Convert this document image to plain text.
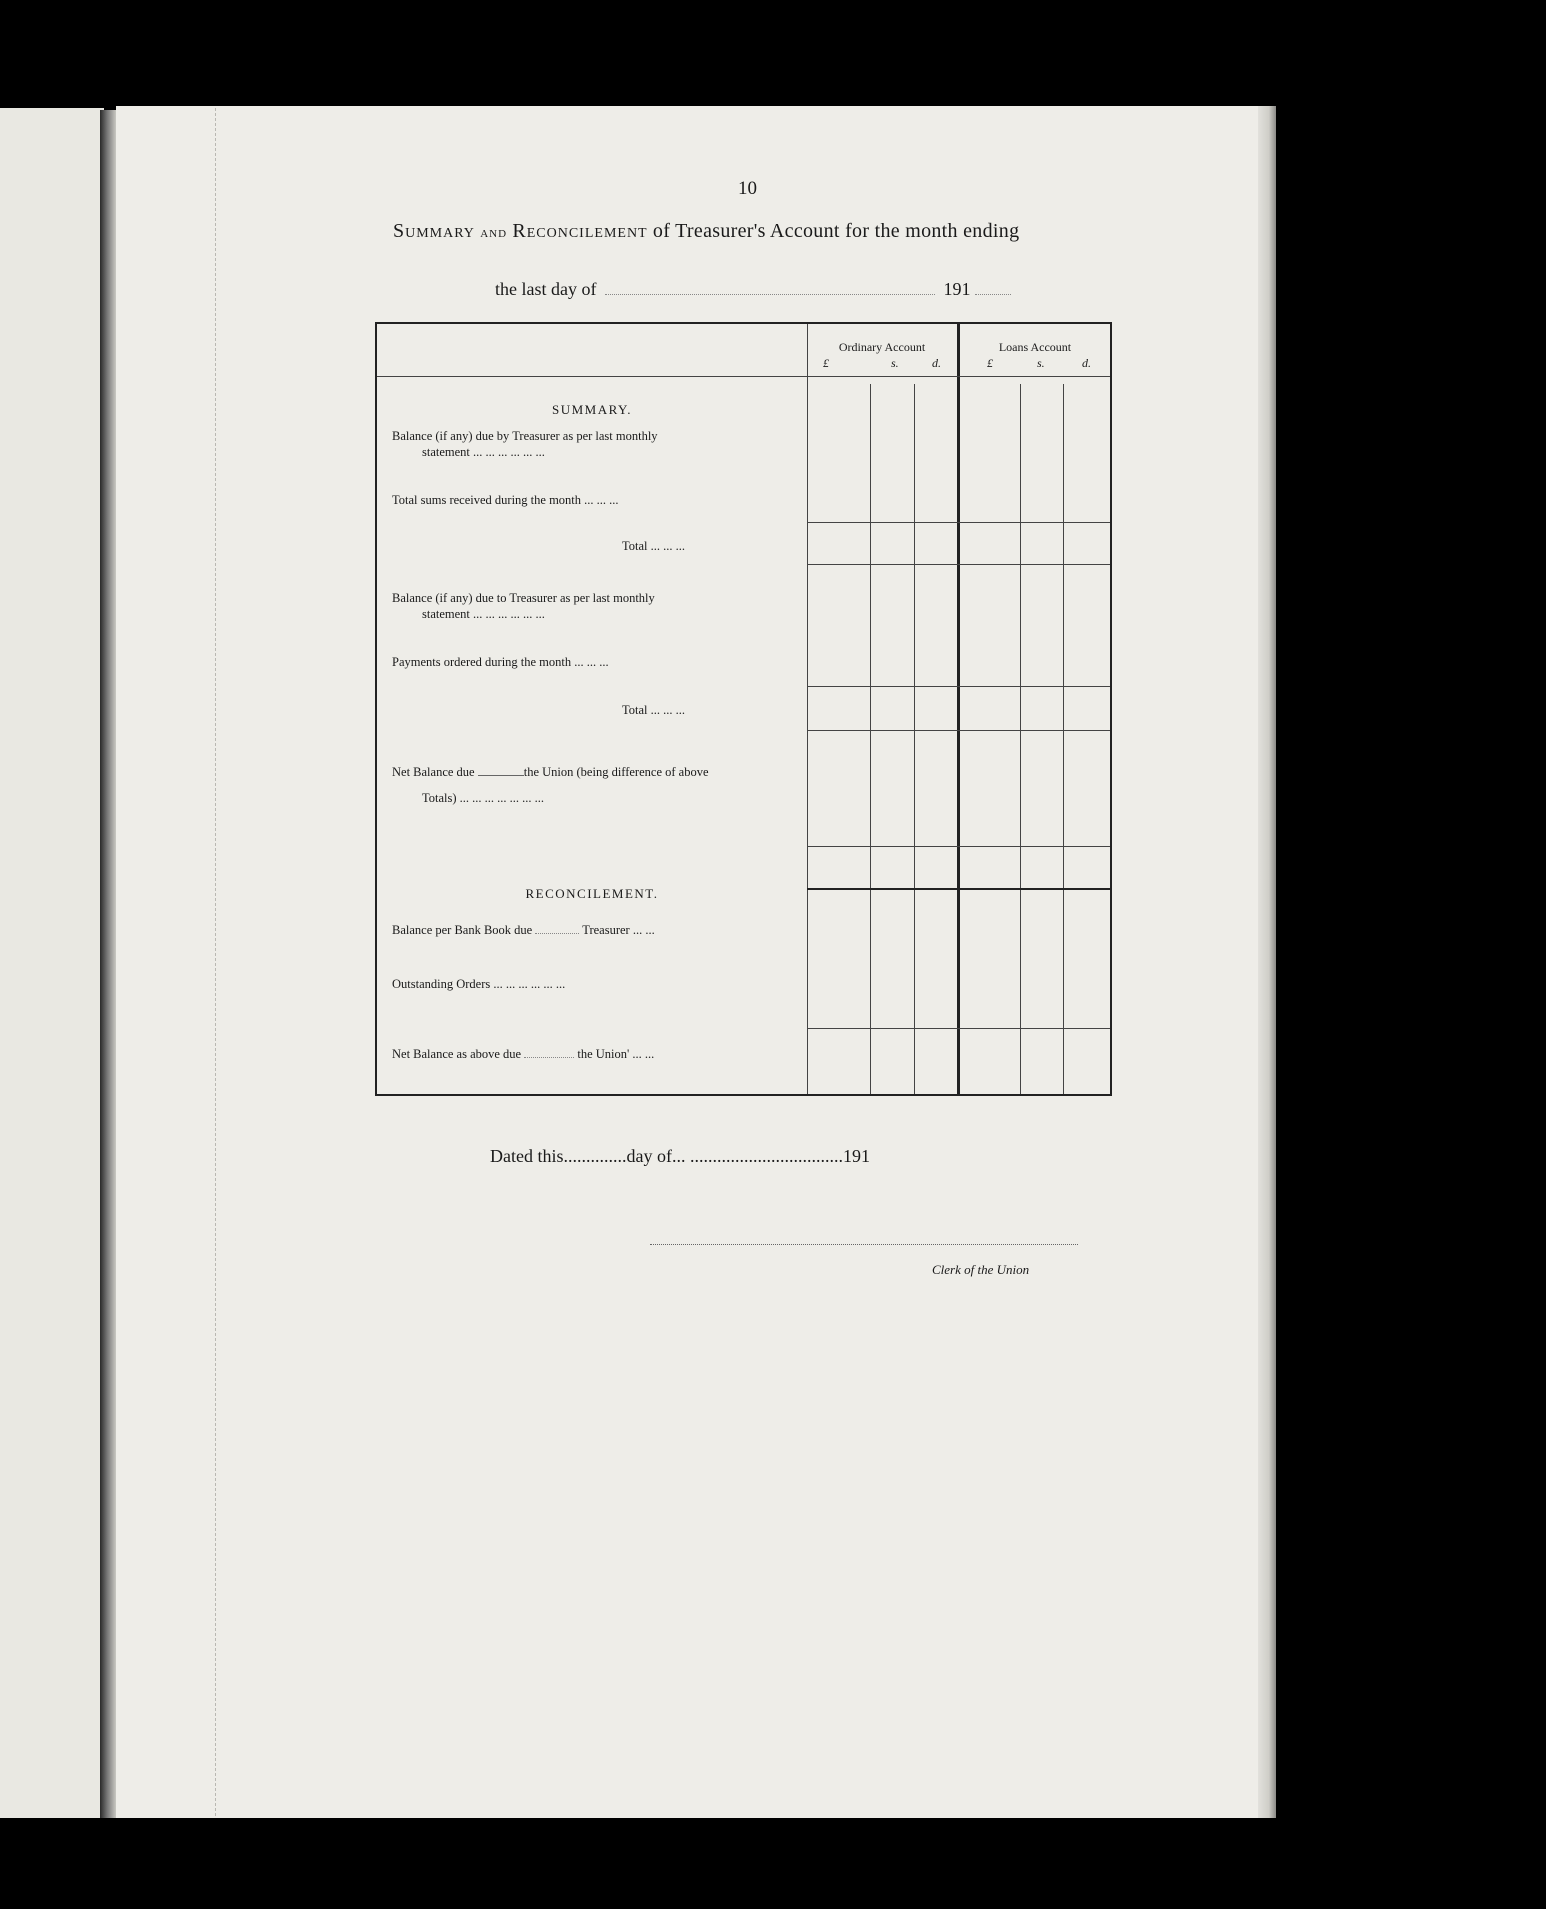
10
Summary and Reconcilement of Treasurer's Account for the month ending
the last day of	191
Ordinary Account	Loans Account
£	s.	d.	£	s.	d.
SUMMARY.
Balance (if any) due by Treasurer as per last monthly
statement ... ... ... ... ... ...
Total sums received during the month ... ... ...
Total ... ... ...
Balance (if any) due to Treasurer as per last monthly
statement ... ... ... ... ... ...
Payments ordered during the month ... ... ...
Total ... ... ...
Net Balance due	the Union (being difference of above
Totals) ... ... ... ... ... ... ...
RECONCILEMENT.
Balance per Bank Book due	Treasurer ... ...
Outstanding Orders ... ... ... ... ... ...
Net Balance as above due	the Union' ... ...
Dated this..............day of... ..................................191
Clerk of the Union
